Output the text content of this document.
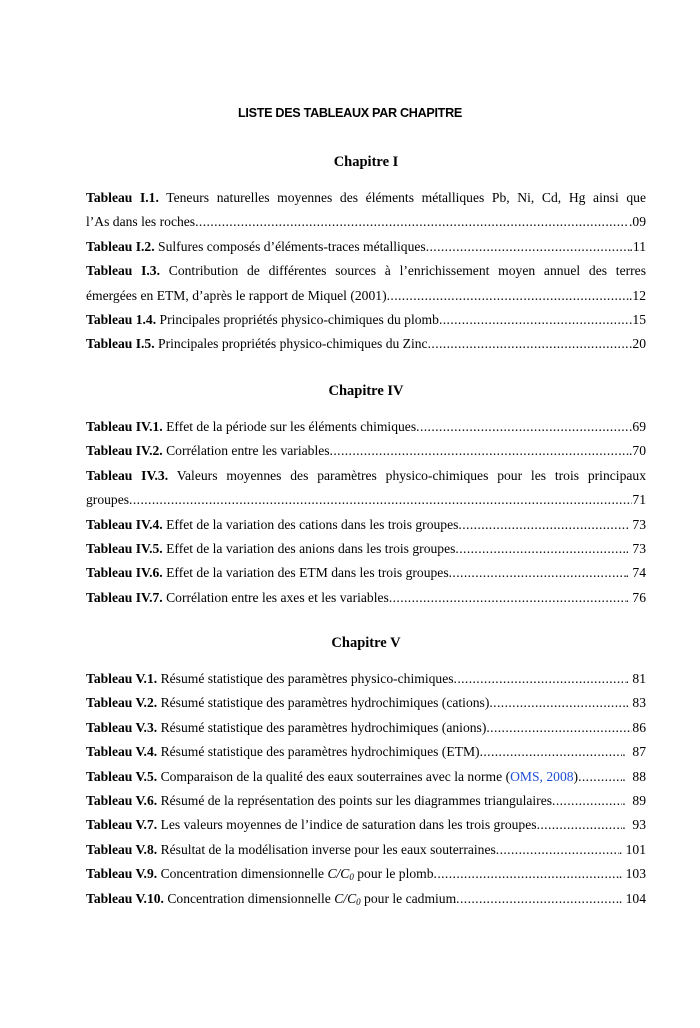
LISTE DES TABLEAUX PAR CHAPITRE
Chapitre I
Tableau I.1. Teneurs naturelles moyennes des éléments métalliques Pb, Ni, Cd, Hg ainsi que
l’As dans les roches .....	.09
Tableau I.2. Sulfures composés d’éléments-traces métalliques .....	.11
Tableau I.3. Contribution de différentes sources à l’enrichissement moyen annuel des terres
émergées en ETM, d’après le rapport de Miquel (2001) .....	.12
Tableau 1.4. Principales propriétés physico-chimiques du plomb .....	.15
Tableau I.5. Principales propriétés physico-chimiques du Zinc .....	.20
Chapitre IV
Tableau IV.1. Effet de la période sur les éléments chimiques .....	.69
Tableau IV.2. Corrélation entre les variables .....	.70
Tableau IV.3. Valeurs moyennes des paramètres physico-chimiques pour les trois principaux
groupes .....	71
Tableau IV.4. Effet de la variation des cations dans les trois groupes .....	. 73
Tableau IV.5. Effet de la variation des anions dans les trois groupes .....	. 73
Tableau IV.6. Effet de la variation des ETM dans les trois groupes .....	. 74
Tableau IV.7. Corrélation entre les axes et les variables .....	. 76
Chapitre V
Tableau V.1. Résumé statistique des paramètres physico-chimiques .....	. 81
Tableau V.2. Résumé statistique des paramètres hydrochimiques (cations) .....	. 83
Tableau V.3. Résumé statistique des paramètres hydrochimiques (anions) .....	86
Tableau V.4. Résumé statistique des paramètres hydrochimiques (ETM) .....	.  87
Tableau V.5. Comparaison de la qualité des eaux souterraines avec la norme (OMS, 2008) .....	.  88
Tableau V.6. Résumé de la représentation des points sur les diagrammes triangulaires .....	.  89
Tableau V.7. Les valeurs moyennes de l’indice de saturation dans les trois groupes .....	.  93
Tableau V.8. Résultat de la modélisation inverse pour les eaux souterraines .....	. 101
Tableau V.9. Concentration dimensionnelle $C/C_0$ pour le plomb .....	. 103
Tableau V.10. Concentration dimensionnelle $C/C_0$ pour le cadmium .....	. 104
